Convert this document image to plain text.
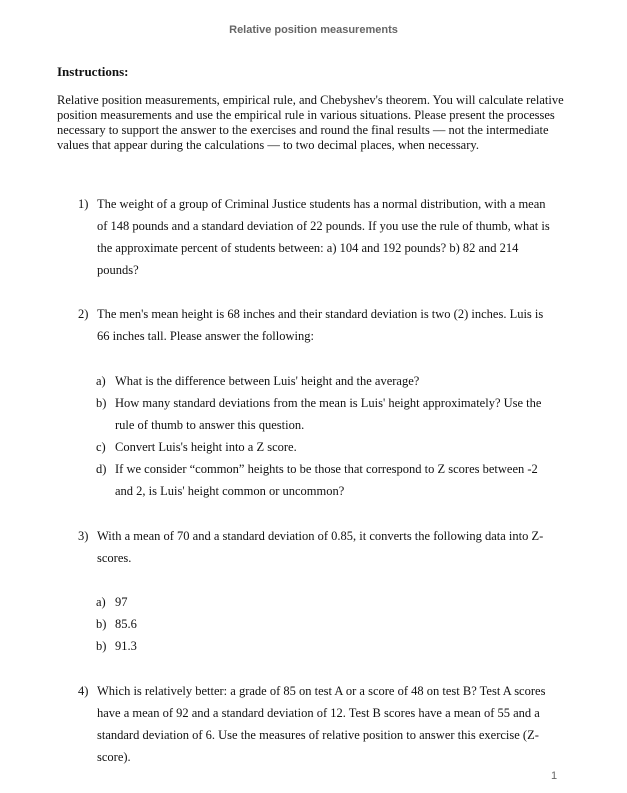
Relative position measurements
Instructions:
Relative position measurements, empirical rule, and Chebyshev's theorem. You will calculate relative position measurements and use the empirical rule in various situations. Please present the processes necessary to support the answer to the exercises and round the final results — not the intermediate values that appear during the calculations — to two decimal places, when necessary.
1) The weight of a group of Criminal Justice students has a normal distribution, with a mean of 148 pounds and a standard deviation of 22 pounds. If you use the rule of thumb, what is the approximate percent of students between: a) 104 and 192 pounds? b) 82 and 214 pounds?
2) The men's mean height is 68 inches and their standard deviation is two (2) inches. Luis is 66 inches tall. Please answer the following:
a) What is the difference between Luis' height and the average?
b) How many standard deviations from the mean is Luis' height approximately? Use the rule of thumb to answer this question.
c) Convert Luis's height into a Z score.
d) If we consider “common” heights to be those that correspond to Z scores between -2 and 2, is Luis' height common or uncommon?
3) With a mean of 70 and a standard deviation of 0.85, it converts the following data into Z-scores.
a) 97
b) 85.6
b) 91.3
4) Which is relatively better: a grade of 85 on test A or a score of 48 on test B? Test A scores have a mean of 92 and a standard deviation of 12. Test B scores have a mean of 55 and a standard deviation of 6. Use the measures of relative position to answer this exercise (Z-score).
1
